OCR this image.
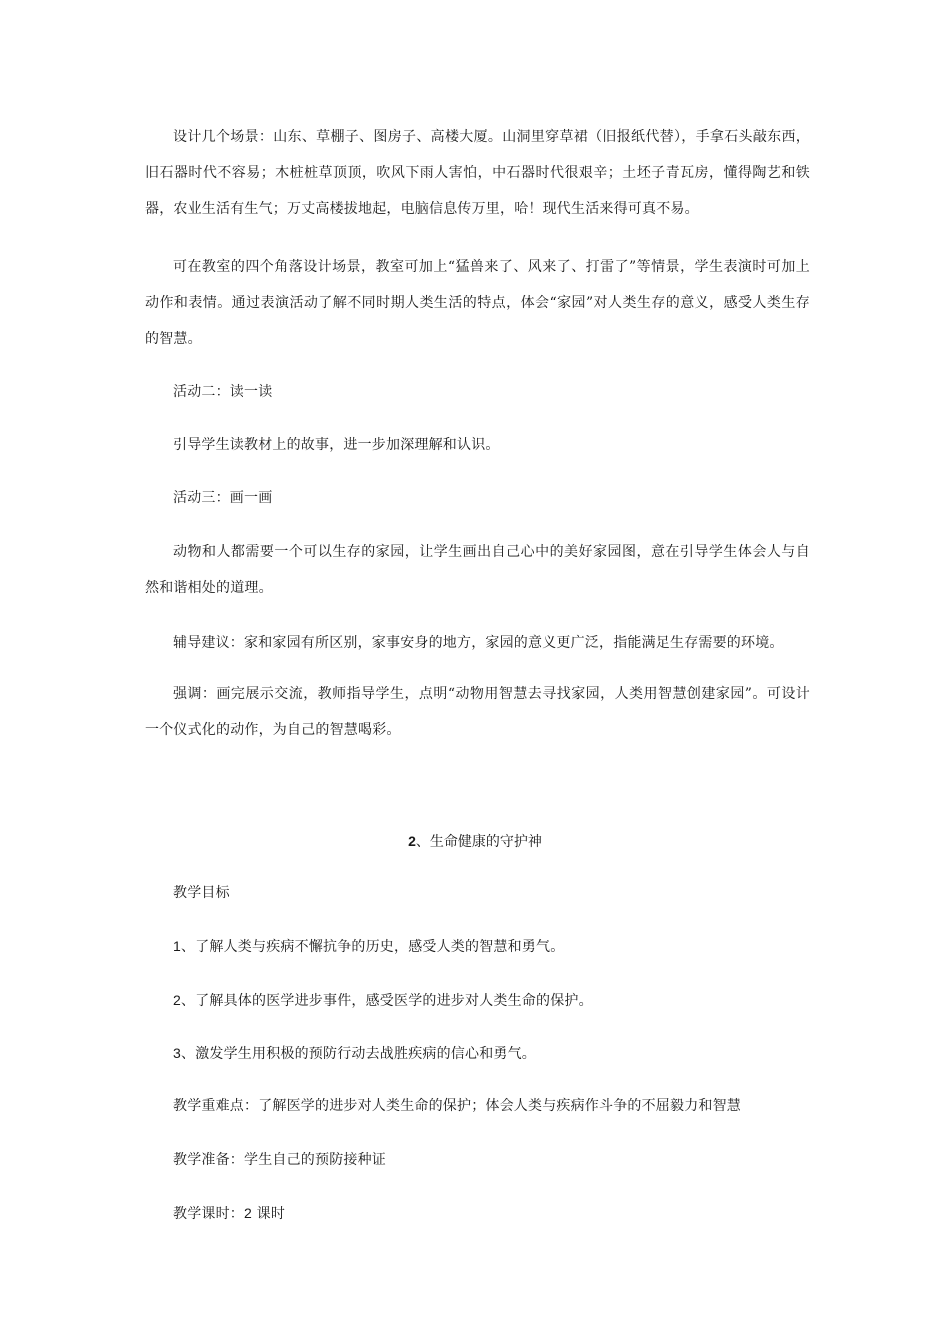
设计几个场景：山东、草棚子、图房子、高楼大厦。山洞里穿草裙（旧报纸代替），手拿石头敲东西，旧石器时代不容易；木桩桩草顶顶，吹风下雨人害怕，中石器时代很艰辛；土坯子青瓦房，懂得陶艺和铁器，农业生活有生气；万丈高楼拔地起，电脑信息传万里，哈！现代生活来得可真不易。

可在教室的四个角落设计场景，教室可加上“猛兽来了、风来了、打雷了”等情景，学生表演时可加上动作和表情。通过表演活动了解不同时期人类生活的特点，体会“家园”对人类生存的意义，感受人类生存的智慧。

活动二：读一读

引导学生读教材上的故事，进一步加深理解和认识。

活动三：画一画

动物和人都需要一个可以生存的家园，让学生画出自己心中的美好家园图，意在引导学生体会人与自然和谐相处的道理。

辅导建议：家和家园有所区别，家事安身的地方，家园的意义更广泛，指能满足生存需要的环境。

强调：画完展示交流，教师指导学生，点明“动物用智慧去寻找家园，人类用智慧创建家园”。可设计一个仪式化的动作，为自己的智慧喝彩。

2、生命健康的守护神

教学目标

1、了解人类与疾病不懈抗争的历史，感受人类的智慧和勇气。

2、了解具体的医学进步事件，感受医学的进步对人类生命的保护。

3、激发学生用积极的预防行动去战胜疾病的信心和勇气。

教学重难点：了解医学的进步对人类生命的保护；体会人类与疾病作斗争的不屈毅力和智慧

教学准备：学生自己的预防接种证

教学课时：2 课时
